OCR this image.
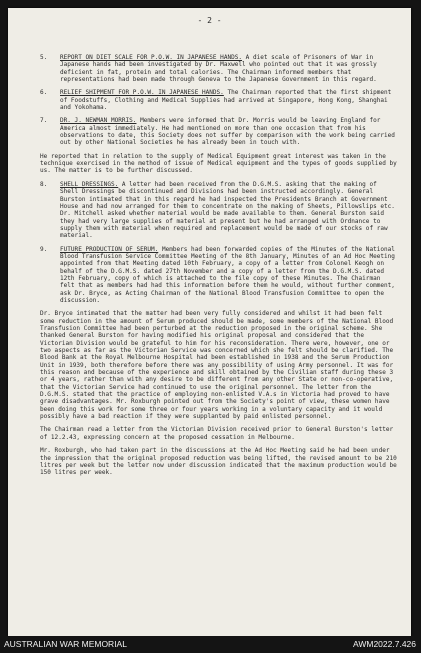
- 2 -
5. REPORT ON DIET SCALE FOR P.O.W. IN JAPANESE HANDS. A diet scale of Prisoners of War in Japanese hands had been investigated by Dr. Maxwell who pointed out that it was grossly deficient in fat, protein and total calories. The Chairman informed members that representations had been made through Geneva to the Japanese Government in this regard.
6. RELIEF SHIPMENT FOR P.O.W. IN JAPANESE HANDS. The Chairman reported that the first shipment of Foodstuffs, Clothing and Medical Supplies had arrived at Singapore, Hong Kong, Shanghai and Yokohama.
7. DR. J. NEWMAN MORRIS. Members were informed that Dr. Morris would be leaving England for America almost immediately. He had mentioned on more than one occasion that from his observations to date, this Society does not suffer by comparison with the work being carried out by other National Societies he has already been in touch with.

He reported that in relation to the supply of Medical Equipment great interest was taken in the technique exercised in the method of issue of Medical equipment and the types of goods supplied by us. The matter is to be further discussed.

8. SHELL DRESSINGS. A letter had been received from the D.G.M.S. asking that the making of Shell Dressings be discontinued and Divisions had been instructed accordingly. General Burston intimated that in this regard he had inspected the Presidents Branch at Government House and had now arranged for them to concentrate on the making of Sheets, Pillowslips etc. Dr. Mitchell asked whether material would be made available to them. General Burston said they had very large supplies of material at present but he had arranged with Ordnance to supply them with material when required and replacement would be made of our stocks of raw material.
9. FUTURE PRODUCTION OF SERUM. Members had been forwarded copies of the Minutes of the National Blood Transfusion Service Committee Meeting of the 8th January, Minutes of an Ad Hoc Meeting appointed from that Meeting dated 10th February, a copy of a letter from Colonel Keogh on behalf of the D.G.M.S. dated 27th November and a copy of a letter from the D.G.M.S. dated 12th February, copy of which is attached to the file copy of these Minutes. The Chairman felt that as members had had this information before them he would, without further comment, ask Dr. Bryce, as Acting Chairman of the National Blood Transfusion Committee to open the discussion.

Dr. Bryce intimated that the matter had been very fully considered and whilst it had been felt some reduction in the amount of Serum produced should be made, some members of the National Blood Transfusion Committee had been perturbed at the reduction proposed in the original scheme. She thanked General Burston for having modified his original proposal and considered that the Victorian Division would be grateful to him for his reconsideration. There were, however, one or two aspects as far as the Victorian Service was concerned which she felt should be clarified. The Blood Bank at the Royal Melbourne Hospital had been established in 1938 and the Serum Production Unit in 1939, both therefore before there was any possibility of using Army personnel. It was for this reason and because of the experience and skill obtained by the Civilian staff during these 3 or 4 years, rather than with any desire to be different from any other State or non-co-operative, that the Victorian Service had continued to use the original personnel. The letter from the D.G.M.S. stated that the practice of employing non-enlisted V.A.s in Victoria had proved to have grave disadvantages. Mr. Roxburgh pointed out from the Society's point of view, these women have been doing this work for some three or four years working in a voluntary capacity and it would possibly have a bad reaction if they were supplanted by paid enlisted personnel.

The Chairman read a letter from the Victorian Division received prior to General Burston's letter of 12.2.43, expressing concern at the proposed cessation in Melbourne.

Mr. Roxburgh, who had taken part in the discussions at the Ad Hoc Meeting said he had been under the impression that the original proposed reduction was being lifted, the revised amount to be 210 litres per week but the letter now under discussion indicated that the maximum production would be 150 litres per week.

AUSTRALIAN WAR MEMORIAL	AWM2022.7.426
